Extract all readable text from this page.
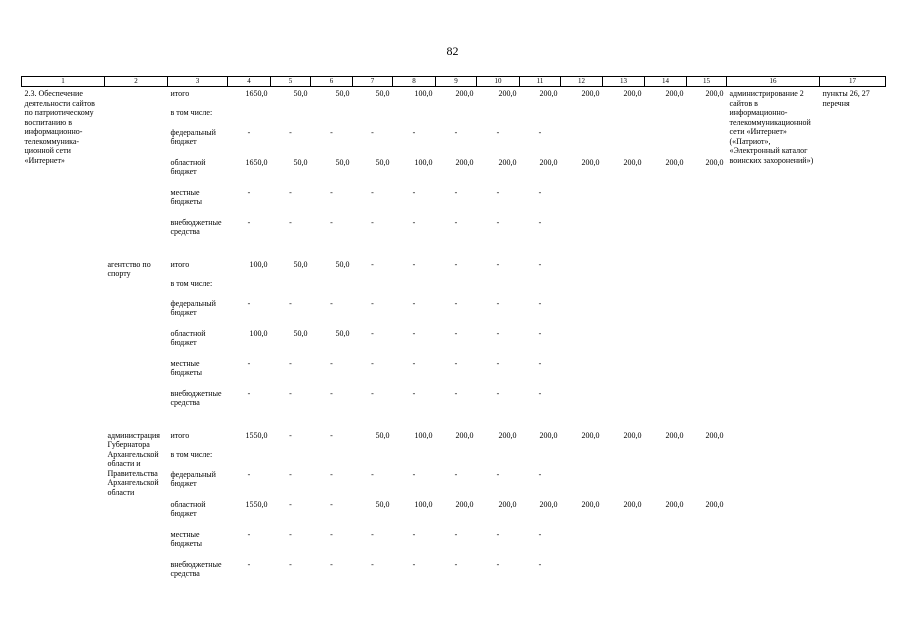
82
1	2	3	4	5	6	7	8	9	10	11	12	13	14	15	16	17
2.3. Обеспечение деятельности сайтов по патриотическому воспитанию в информационно-телекоммуника-ционной сети «Интернет»		итого	1650,0	50,0	50,0	50,0	100,0	200,0	200,0	200,0	200,0	200,0	200,0	200,0	администрирование 2 сайтов в информационно-телекоммуникационной сети «Интернет» («Патриот», «Электронный каталог воинских захоронений»)	пункты 26, 27 перечня
		в том числе:														
		федеральный бюджет	-	-	-	-	-	-	-	-						
		областной бюджет	1650,0	50,0	50,0	50,0	100,0	200,0	200,0	200,0	200,0	200,0	200,0	200,0		
		местные бюджеты	-	-	-	-	-	-	-	-						
		внебюджетные средства	-	-	-	-	-	-	-	-						

	агентство по спорту	итого	100,0	50,0	50,0	-	-	-	-	-						
		в том числе:														
		федеральный бюджет	-	-	-	-	-	-	-	-						
		областной бюджет	100,0	50,0	50,0	-	-	-	-	-						
		местные бюджеты	-	-	-	-	-	-	-	-						
		внебюджетные средства	-	-	-	-	-	-	-	-						

	администрация Губернатора Архангельской области и Правительства Архангельской области	итого	1550,0	-	-	50,0	100,0	200,0	200,0	200,0	200,0	200,0	200,0	200,0		
		в том числе:														
		федеральный бюджет	-	-	-	-	-	-	-	-						
		областной бюджет	1550,0	-	-	50,0	100,0	200,0	200,0	200,0	200,0	200,0	200,0	200,0		
		местные бюджеты	-	-	-	-	-	-	-	-						
		внебюджетные средства	-	-	-	-	-	-	-	-						
